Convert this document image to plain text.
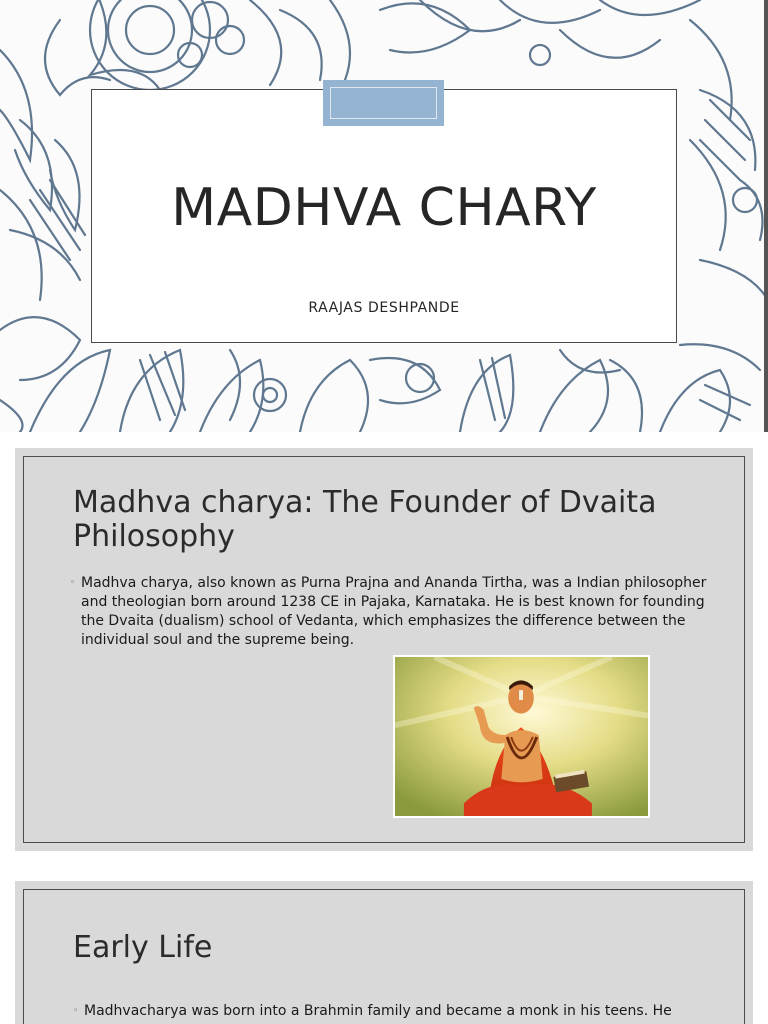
MADHVA CHARY
RAAJAS DESHPANDE
Madhva charya: The Founder of Dvaita Philosophy
◦ Madhva charya, also known as Purna Prajna and Ananda Tirtha, was a Indian philosopher and theologian born around 1238 CE in Pajaka, Karnataka. He is best known for founding the Dvaita (dualism) school of Vedanta, which emphasizes the difference between the individual soul and the supreme being.
Early Life
◦ Madhvacharya was born into a Brahmin family and became a monk in his teens. He
